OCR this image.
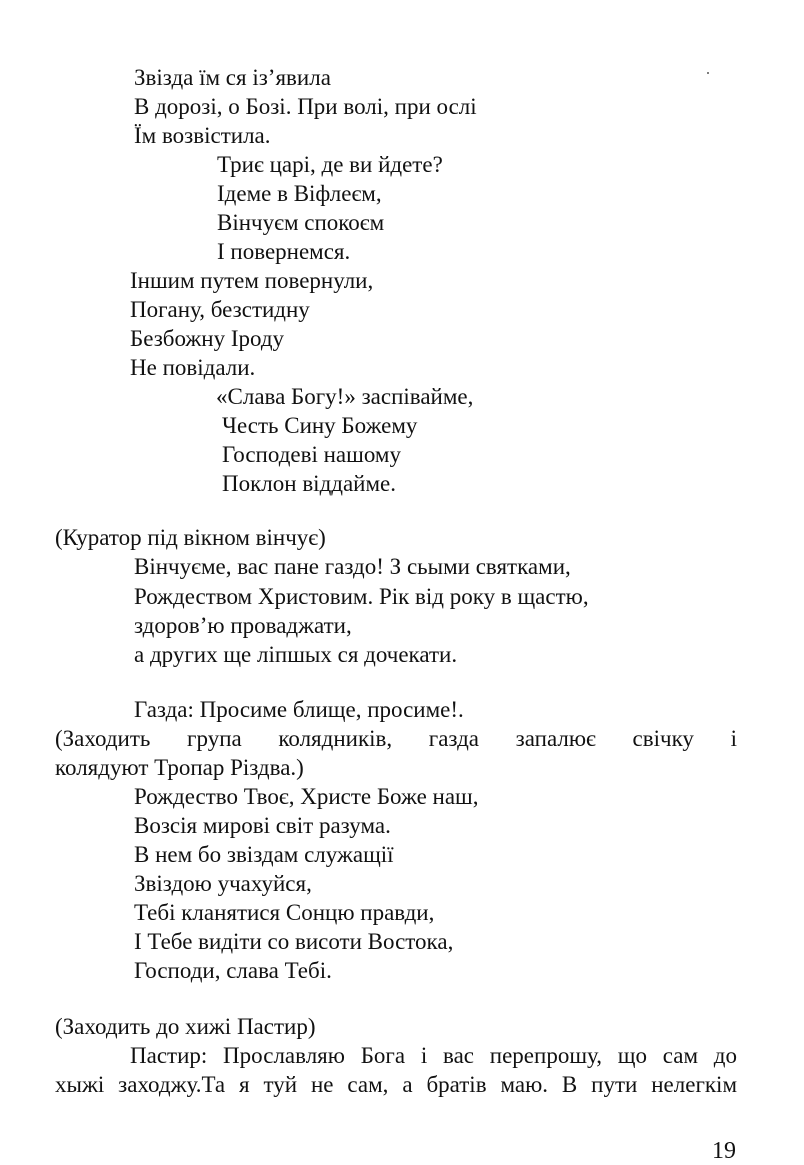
Звізда їм ся із’явила
В дорозі, о Бозі. При волі, при ослі
Їм возвістила.
Триє царі, де ви йдете?
Ідеме в Віфлеєм,
Вінчуєм спокоєм
І повернемся.
Іншим путем повернули,
Погану, безстидну
Безбожну Іроду
Не повідали.
«Слава Богу!» заспівайме,
Честь Сину Божему
Господеві нашому
Поклон віддайме.
(Куратор під вікном вінчує)
Вінчуєме, вас пане газдо! З сьыми святками,
Рождеством Христовим. Рік від року в щастю,
здоров’ю проваджати,
а других ще ліпшых ся дочекати.
Газда: Просиме блище, просиме!.
(Заходить група колядників, газда запалює свічку і
колядуют Тропар Різдва.)
Рождество Твоє, Христе Боже наш,
Возсія мирові світ разума.
В нем бо звіздам служащії
Звіздою учахуйся,
Тебі кланятися Сонцю правди,
І Тебе видіти со висоти Востока,
Господи, слава Тебі.
(Заходить до хижі Пастир)
Пастир: Прославляю Бога і вас перепрошу, що сам до
хыжі заходжу.Та я туй не сам, а братів маю. В пути нелегкім
19
